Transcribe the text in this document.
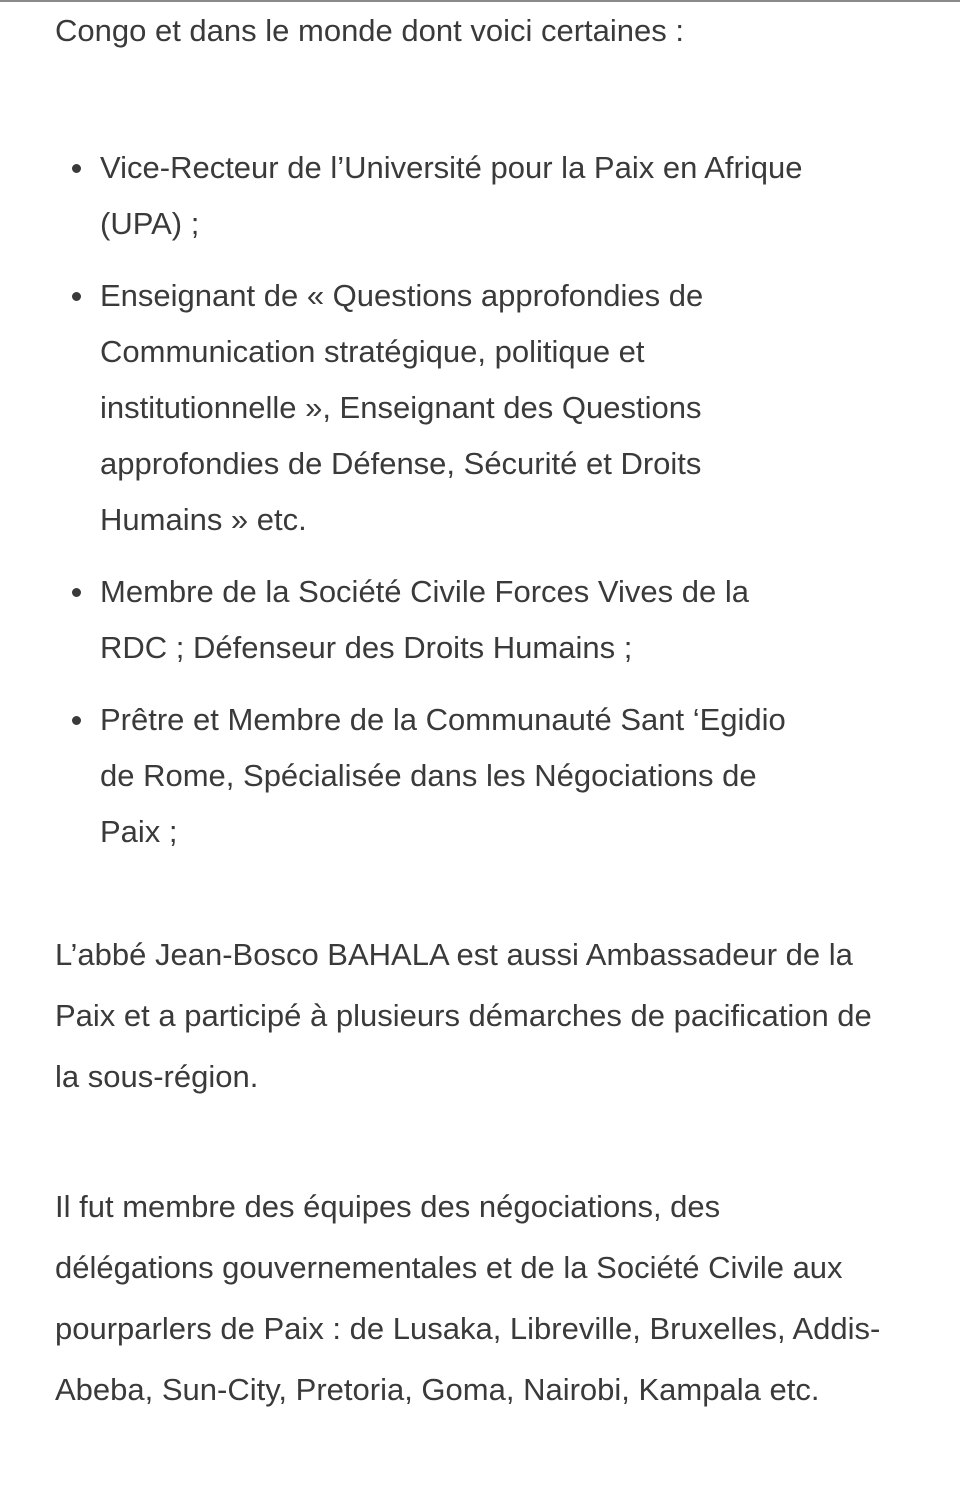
Congo et dans le monde dont voici certaines :

Vice-Recteur de l’Université pour la Paix en Afrique (UPA) ;
Enseignant de « Questions approfondies de Communication stratégique, politique et institutionnelle », Enseignant des Questions approfondies de Défense, Sécurité et Droits Humains » etc.
Membre de la Société Civile Forces Vives de la RDC ; Défenseur des Droits Humains ;
Prêtre et Membre de la Communauté Sant ‘Egidio de Rome, Spécialisée dans les Négociations de Paix ;

L’abbé Jean-Bosco BAHALA est aussi Ambassadeur de la Paix et a participé à plusieurs démarches de pacification de la sous-région.

Il fut membre des équipes des négociations, des délégations gouvernementales et de la Société Civile aux pourparlers de Paix : de Lusaka, Libreville, Bruxelles, Addis-Abeba, Sun-City, Pretoria, Goma, Nairobi, Kampala etc.
